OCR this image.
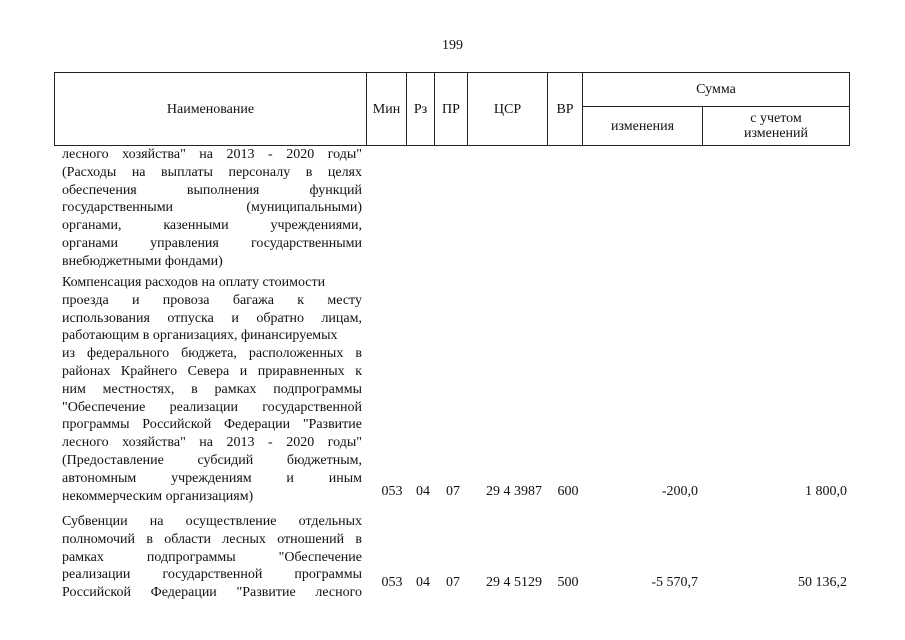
199
Наименование	Мин Рз	ПР	ЦСР	ВР
Сумма
изменения	с учетом
изменений
лесного хозяйства" на 2013 - 2020 годы"
(Расходы на выплаты персоналу в целях
обеспечения выполнения функций
государственными (муниципальными)
органами, казенными учреждениями,
органами управления государственными
внебюджетными фондами)
Компенсация расходов на оплату стоимости
проезда и провоза багажа к месту
использования отпуска и обратно лицам,
работающим в организациях, финансируемых
из федерального бюджета, расположенных в
районах Крайнего Севера и приравненных к
ним местностях, в рамках подпрограммы
"Обеспечение реализации государственной
программы Российской Федерации "Развитие
лесного хозяйства" на 2013 - 2020 годы"
(Предоставление субсидий бюджетным,
автономным учреждениям и иным
некоммерческим организациям)	053 04 07	29 4 3987	600	-200,0	1 800,0
Субвенции на осуществление отдельных
полномочий в области лесных отношений в
рамках подпрограммы "Обеспечение
реализации государственной программы
Российской Федерации "Развитие лесного
053 04 07	29 4 5129	500	-5 570,7	50 136,2
